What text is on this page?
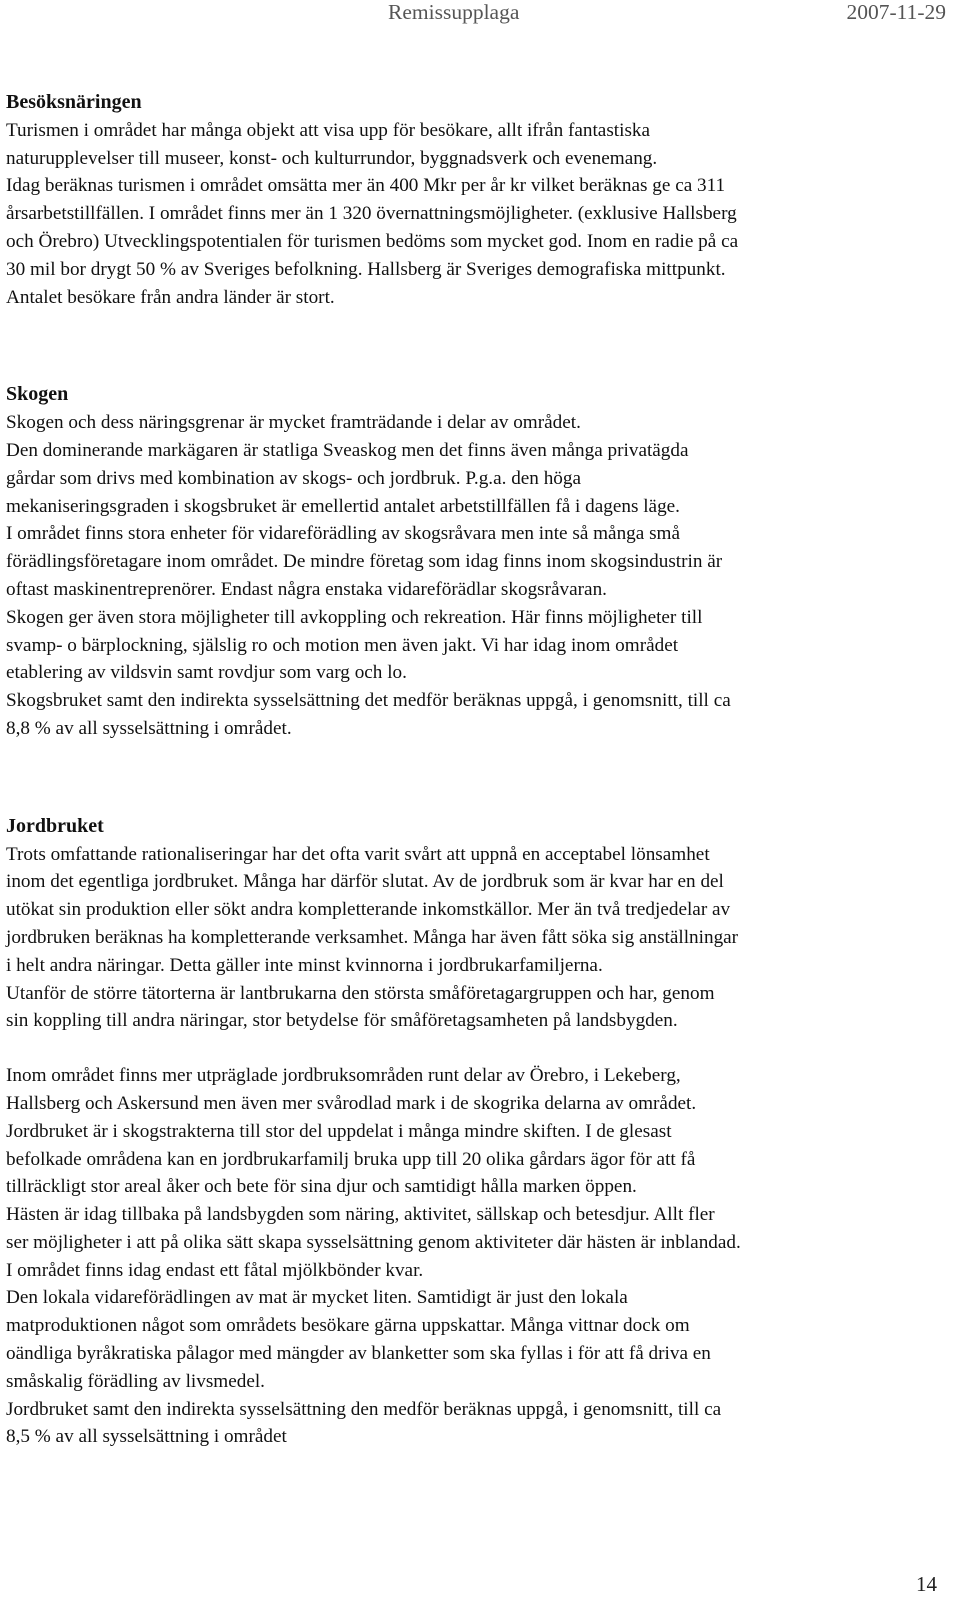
Remissupplaga	2007-11-29
Besöksnäringen

Turismen i området har många objekt att visa upp för besökare, allt ifrån fantastiska
naturupplevelser till museer, konst- och kulturrundor, byggnadsverk och evenemang.
Idag beräknas turismen i området omsätta mer än 400 Mkr per år kr vilket beräknas ge ca 311
årsarbetstillfällen. I området finns mer än 1 320 övernattningsmöjligheter. (exklusive Hallsberg
och Örebro) Utvecklingspotentialen för turismen bedöms som mycket god. Inom en radie på ca
30 mil bor drygt 50 % av Sveriges befolkning. Hallsberg är Sveriges demografiska mittpunkt.
Antalet besökare från andra länder är stort.

Skogen

Skogen och dess näringsgrenar är mycket framträdande i delar av området.
Den dominerande markägaren är statliga Sveaskog men det finns även många privatägda
gårdar som drivs med kombination av skogs- och jordbruk. P.g.a. den höga
mekaniseringsgraden i skogsbruket är emellertid antalet arbetstillfällen få i dagens läge.
I området finns stora enheter för vidareförädling av skogsråvara men inte så många små
förädlingsföretagare inom området. De mindre företag som idag finns inom skogsindustrin är
oftast maskinentreprenörer. Endast några enstaka vidareförädlar skogsråvaran.
Skogen ger även stora möjligheter till avkoppling och rekreation. Här finns möjligheter till
svamp- o bärplockning, själslig ro och motion men även jakt. Vi har idag inom området
etablering av vildsvin samt rovdjur som varg och lo.
Skogsbruket samt den indirekta sysselsättning det medför beräknas uppgå, i genomsnitt, till ca
8,8 % av all sysselsättning i området.

Jordbruket

Trots omfattande rationaliseringar har det ofta varit svårt att uppnå en acceptabel lönsamhet
inom det egentliga jordbruket. Många har därför slutat. Av de jordbruk som är kvar har en del
utökat sin produktion eller sökt andra kompletterande inkomstkällor. Mer än två tredjedelar av
jordbruken beräknas ha kompletterande verksamhet. Många har även fått söka sig anställningar
i helt andra näringar. Detta gäller inte minst kvinnorna i jordbrukarfamiljerna.
Utanför de större tätorterna är lantbrukarna den största småföretagargruppen och har, genom
sin koppling till andra näringar, stor betydelse för småföretagsamheten på landsbygden.

Inom området finns mer utpräglade jordbruksområden runt delar av Örebro, i Lekeberg,
Hallsberg och Askersund men även mer svårodlad mark i de skogrika delarna av området.
Jordbruket är i skogstrakterna till stor del uppdelat i många mindre skiften. I de glesast
befolkade områdena kan en jordbrukarfamilj bruka upp till 20 olika gårdars ägor för att få
tillräckligt stor areal åker och bete för sina djur och samtidigt hålla marken öppen.
Hästen är idag tillbaka på landsbygden som näring, aktivitet, sällskap och betesdjur. Allt fler
ser möjligheter i att på olika sätt skapa sysselsättning genom aktiviteter där hästen är inblandad.
I området finns idag endast ett fåtal mjölkbönder kvar.
Den lokala vidareförädlingen av mat är mycket liten. Samtidigt är just den lokala
matproduktionen något som områdets besökare gärna uppskattar. Många vittnar dock om
oändliga byråkratiska pålagor med mängder av blanketter som ska fyllas i för att få driva en
småskalig förädling av livsmedel.
Jordbruket samt den indirekta sysselsättning den medför beräknas uppgå, i genomsnitt, till ca
8,5 % av all sysselsättning i området

14
